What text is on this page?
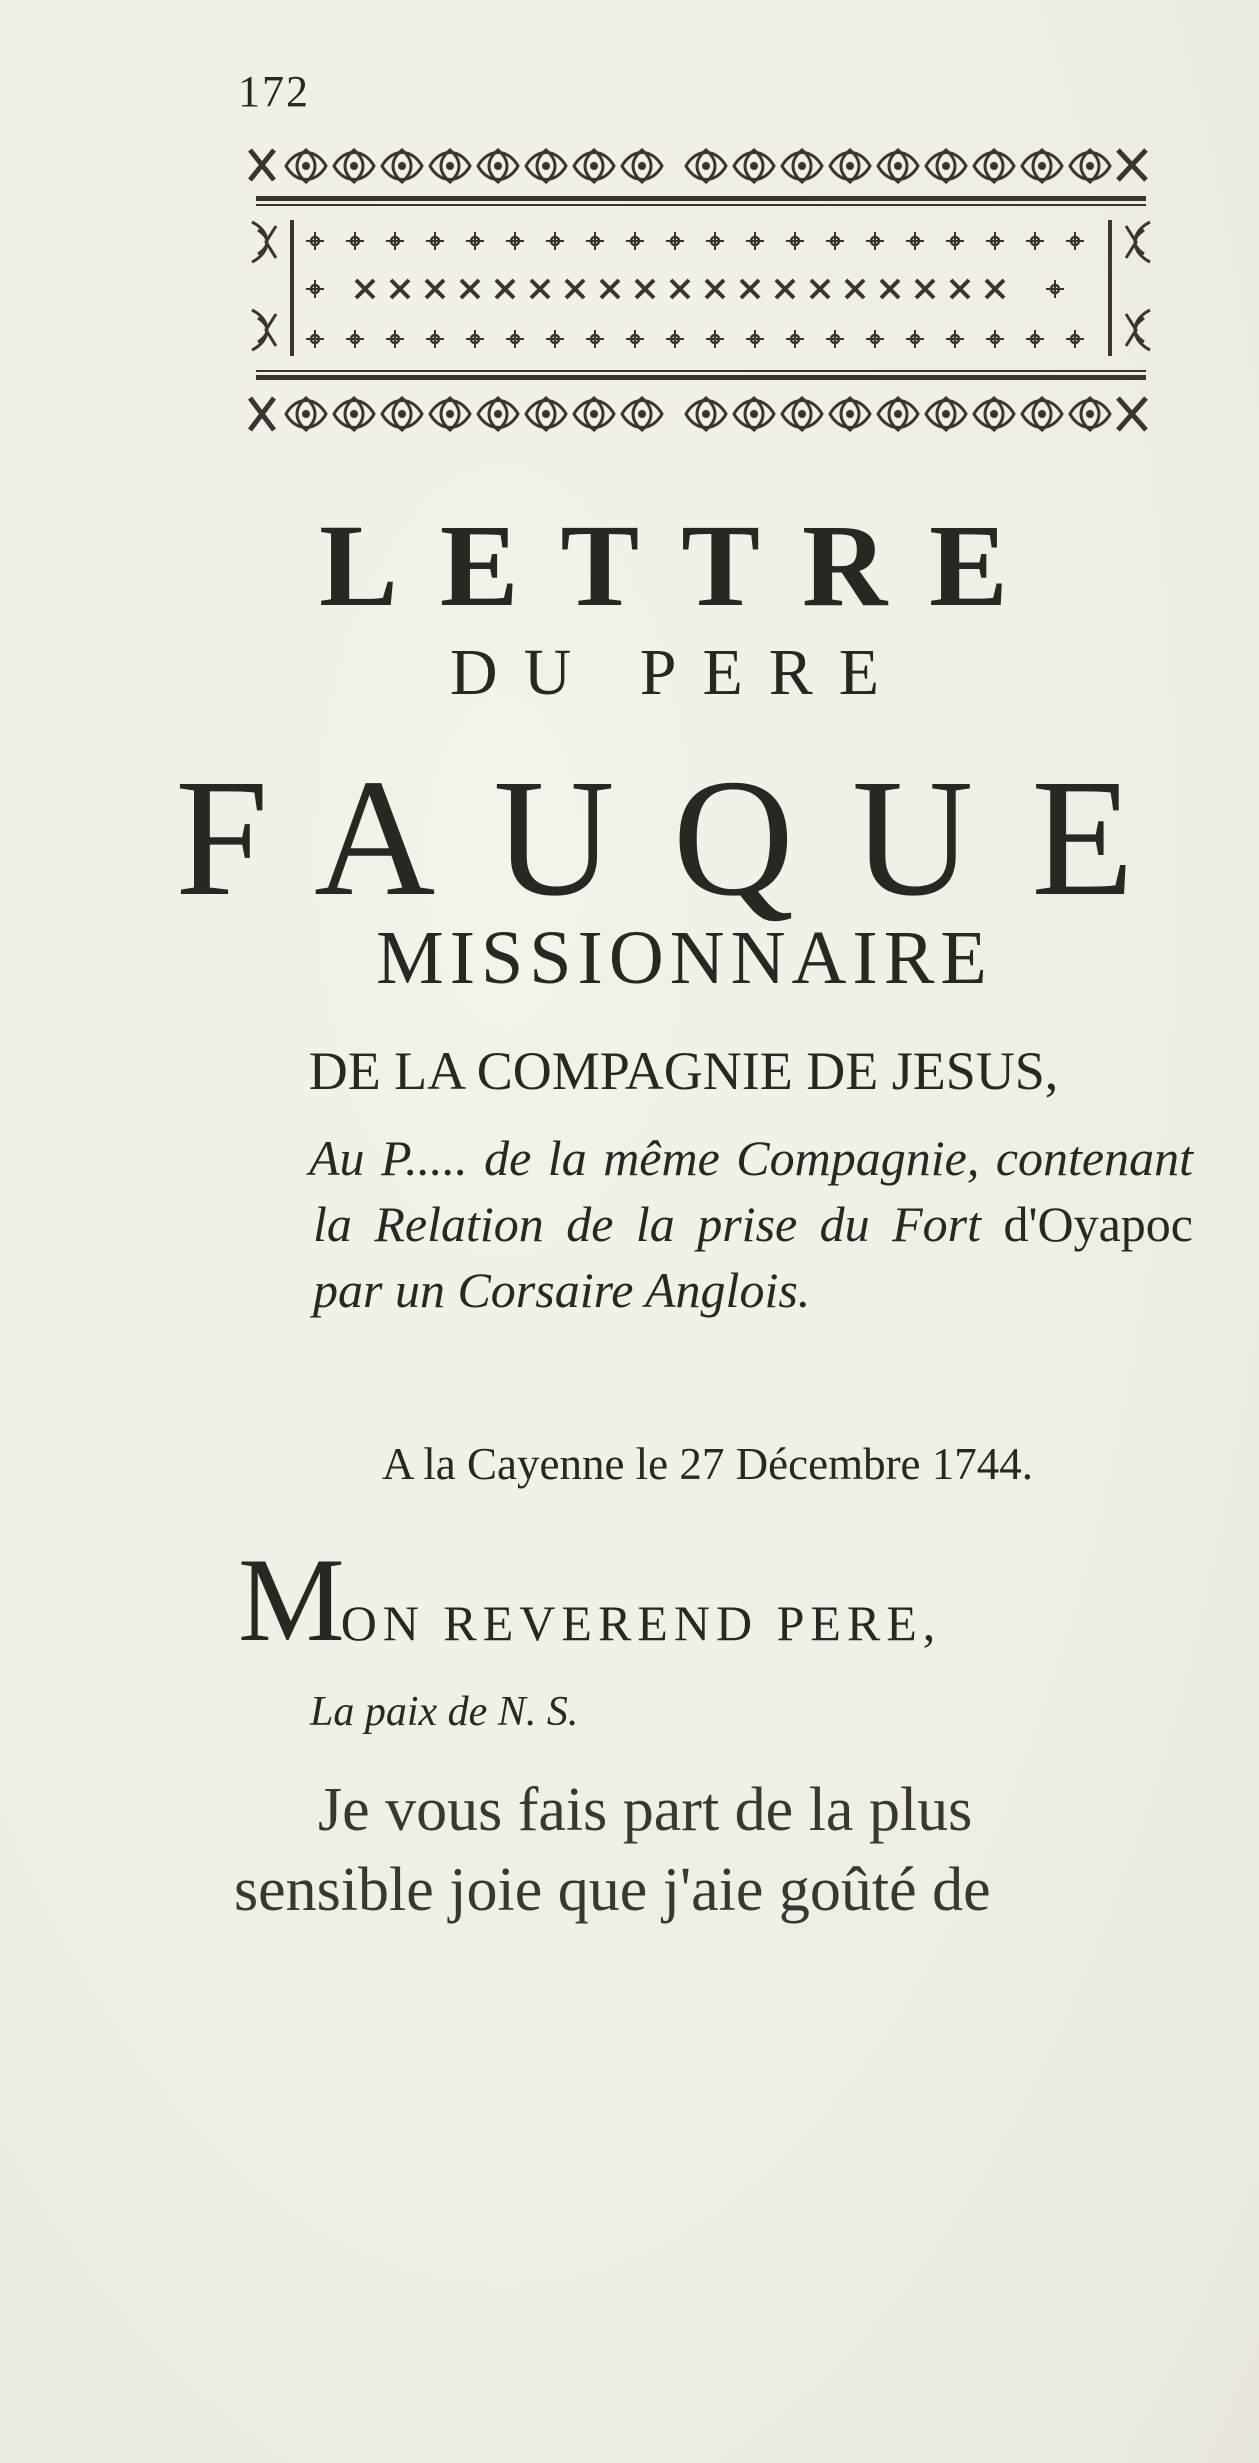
172
LETTRE
DU PERE
FAUQUE
MISSIONNAIRE
DE LA COMPAGNIE DE JESUS,
Au P..... de la même Compagnie, contenant la Relation de la prise du Fort d'Oyapoc par un Corsaire Anglois.
A la Cayenne le 27 Décembre 1744.
MON REVEREND PERE,
La paix de N. S.
Je vous fais part de la plus
sensible joie que j'aie goûté de
